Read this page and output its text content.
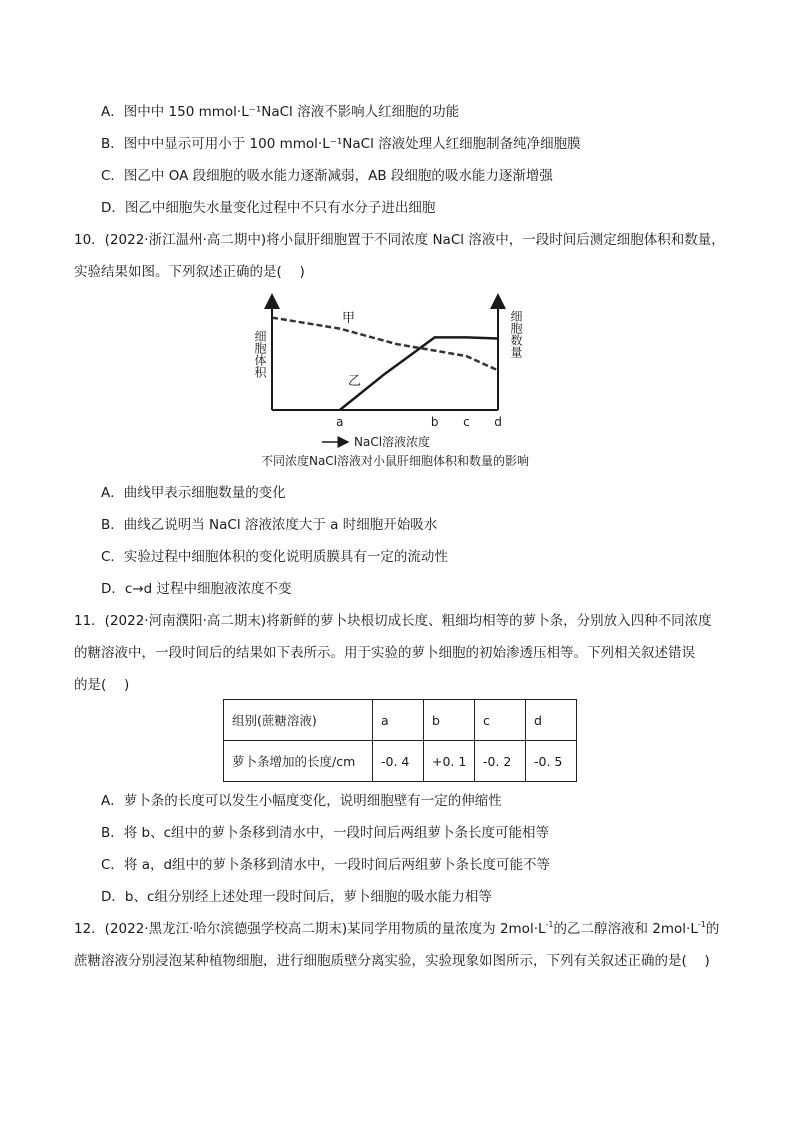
A．图中中 150 mmol·L⁻¹NaCl 溶液不影响人红细胞的功能
B．图中中显示可用小于 100 mmol·L⁻¹NaCl 溶液处理人红细胞制备纯净细胞膜
C．图乙中 OA 段细胞的吸水能力逐渐减弱，AB 段细胞的吸水能力逐渐增强
D．图乙中细胞失水量变化过程中不只有水分子进出细胞
10．(2022·浙江温州·高二期中)将小鼠肝细胞置于不同浓度 NaCl 溶液中，一段时间后测定细胞体积和数量，
实验结果如图。下列叙述正确的是(　 )
细胞体积	细胞数量
甲
乙
a	b c d
NaCl溶液浓度
不同浓度NaCl溶液对小鼠肝细胞体积和数量的影响
A．曲线甲表示细胞数量的变化
B．曲线乙说明当 NaCl 溶液浓度大于 a 时细胞开始吸水
C．实验过程中细胞体积的变化说明质膜具有一定的流动性
D．c→d 过程中细胞液浓度不变
11．(2022·河南濮阳·高二期末)将新鲜的萝卜块根切成长度、粗细均相等的萝卜条，分别放入四种不同浓度
的糖溶液中，一段时间后的结果如下表所示。用于实验的萝卜细胞的初始渗透压相等。下列相关叙述错误
的是(　 )
组别(蔗糖溶液)	a	b	c	d
萝卜条增加的长度/cm	-0. 4	+0. 1	-0. 2	-0. 5
A．萝卜条的长度可以发生小幅度变化，说明细胞壁有一定的伸缩性
B．将 b、c组中的萝卜条移到清水中，一段时间后两组萝卜条长度可能相等
C．将 a，d组中的萝卜条移到清水中，一段时间后两组萝卜条长度可能不等
D．b、c组分别经上述处理一段时间后，萝卜细胞的吸水能力相等
12．(2022·黑龙江·哈尔滨德强学校高二期末)某同学用物质的量浓度为 $2mol\cdot L^{-1}$的乙二醇溶液和 $2mol\cdot L^{-1}$的
蔗糖溶液分别浸泡某种植物细胞，进行细胞质壁分离实验，实验现象如图所示，下列有关叙述正确的是(　 )
